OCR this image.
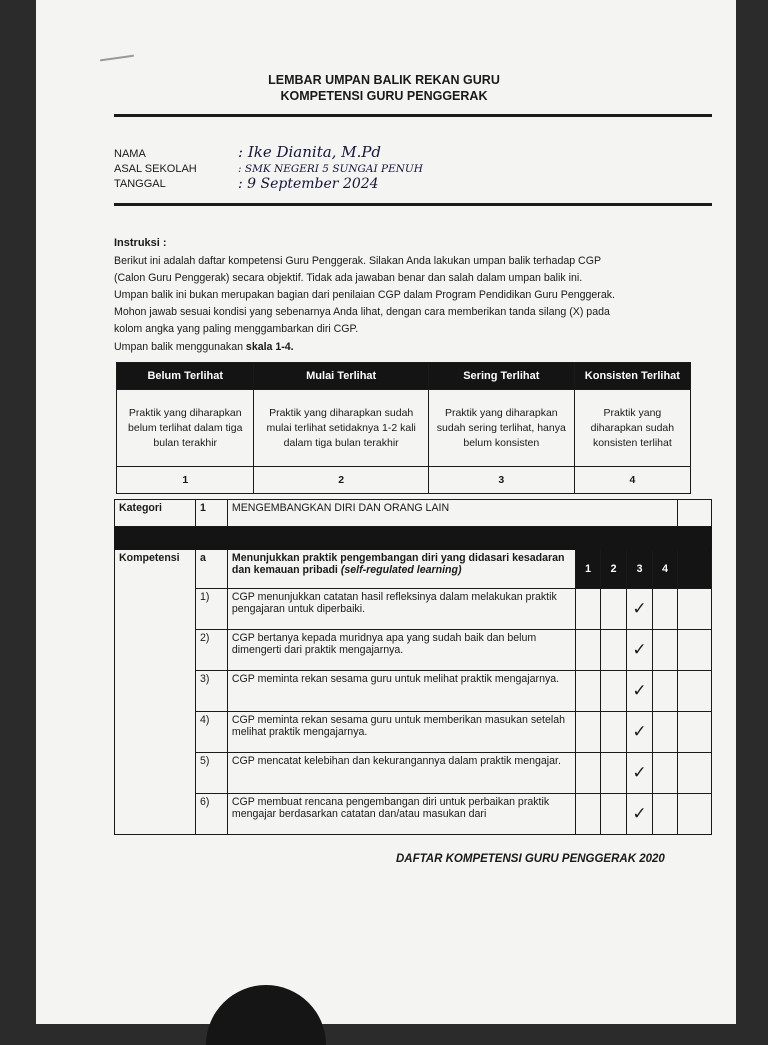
LEMBAR UMPAN BALIK REKAN GURU
KOMPETENSI GURU PENGGERAK
NAMA	: Ike Dianita, M.Pd
ASAL SEKOLAH	: SMK NEGERI 5 SUNGAI PENUH
TANGGAL	: 9 September 2024
Instruksi :
Berikut ini adalah daftar kompetensi Guru Penggerak. Silakan Anda lakukan umpan balik terhadap CGP
(Calon Guru Penggerak) secara objektif. Tidak ada jawaban benar dan salah dalam umpan balik ini.
Umpan balik ini bukan merupakan bagian dari penilaian CGP dalam Program Pendidikan Guru Penggerak.
Mohon jawab sesuai kondisi yang sebenarnya Anda lihat, dengan cara memberikan tanda silang (X) pada
kolom angka yang paling menggambarkan diri CGP.
Umpan balik menggunakan skala 1-4.
Belum Terlihat	Mulai Terlihat	Sering Terlihat	Konsisten Terlihat
Praktik yang diharapkan belum terlihat dalam tiga bulan terakhir	Praktik yang diharapkan sudah mulai terlihat setidaknya 1-2 kali dalam tiga bulan terakhir	Praktik yang diharapkan sudah sering terlihat, hanya belum konsisten	Praktik yang diharapkan sudah konsisten terlihat
1	2	3	4
Kategori	1	MENGEMBANGKAN DIRI DAN ORANG LAIN					

Kompetensi	a	Menunjukkan praktik pengembangan diri yang didasari kesadaran dan kemauan pribadi (self-regulated learning)	1	2	3	4	
	1)	CGP menunjukkan catatan hasil refleksinya dalam melakukan praktik pengajaran untuk diperbaiki.			✓		
	2)	CGP bertanya kepada muridnya apa yang sudah baik dan belum dimengerti dari praktik mengajarnya.			✓		
	3)	CGP meminta rekan sesama guru untuk melihat praktik mengajarnya.			✓		
	4)	CGP meminta rekan sesama guru untuk memberikan masukan setelah melihat praktik mengajarnya.			✓		
	5)	CGP mencatat kelebihan dan kekurangannya dalam praktik mengajar.			✓		
	6)	CGP membuat rencana pengembangan diri untuk perbaikan praktik mengajar berdasarkan catatan dan/atau masukan dari			✓		
DAFTAR KOMPETENSI GURU PENGGERAK 2020
